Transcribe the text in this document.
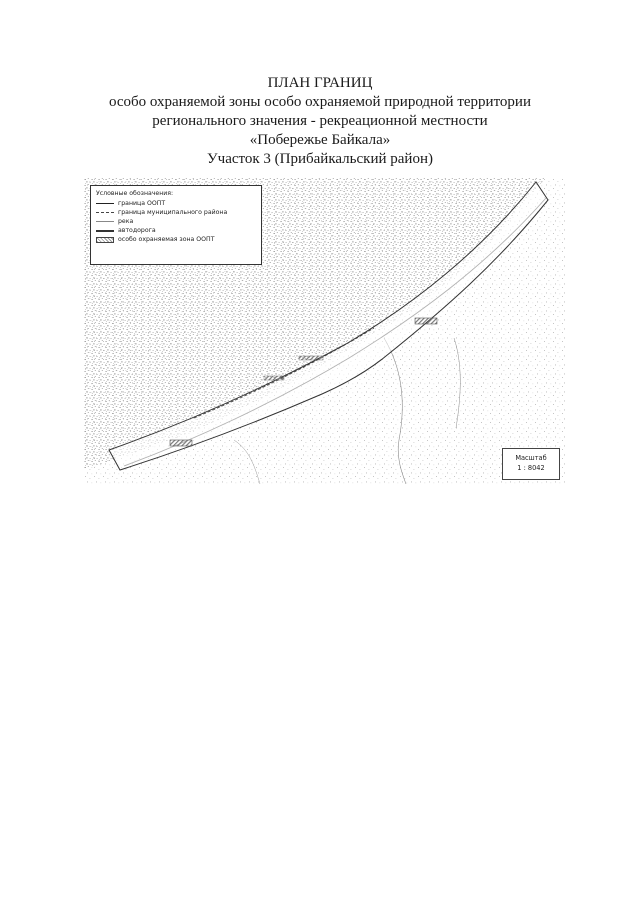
ПЛАН ГРАНИЦ

особо охраняемой зоны особо охраняемой природной территории

регионального значения - рекреационной местности

«Побережье Байкала»

Участок 3 (Прибайкальский район)

Условные обозначения:
граница ООПТ
граница муниципального района
река
автодорога
особо охраняемая зона ООПТ
Масштаб
1 : 8042
